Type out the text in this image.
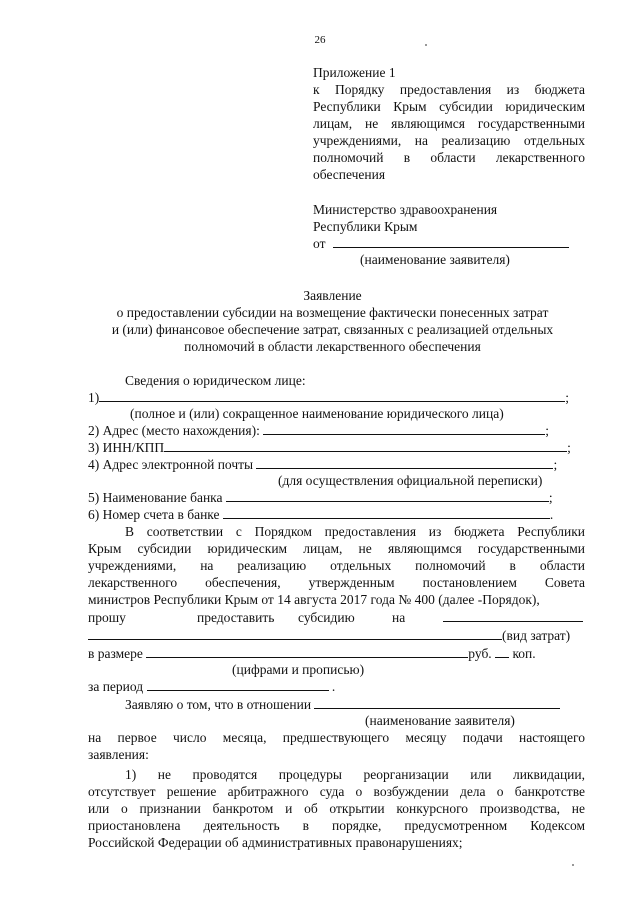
26
Приложение 1
к Порядку предоставления из бюджета
Республики Крым субсидии юридическим
лицам, не являющимся государственными
учреждениями, на реализацию отдельных
полномочий в области лекарственного
обеспечения
Министерство здравоохранения
Республики Крым
от
(наименование заявителя)
Заявление
о предоставлении субсидии на возмещение фактически понесенных затрат
и (или) финансовое обеспечение затрат, связанных с реализацией отдельных
полномочий в области лекарственного обеспечения
Сведения о юридическом лице:
1)	;
(полное и (или) сокращенное наименование юридического лица)
2) Адрес (место нахождения):	;
3) ИНН/КПП	;
4) Адрес электронной почты	;
(для осуществления официальной переписки)
5) Наименование банка	;
6) Номер счета в банке	.
В соответствии с Порядком предоставления из бюджета Республики
Крым субсидии юридическим лицам, не являющимся государственными
учреждениями, на реализацию отдельных полномочий в области
лекарственного обеспечения, утвержденным постановлением Совета
министров Республики Крым от 14 августа 2017 года № 400 (далее -Порядок),
прошу	предоставить субсидию	на
(вид затрат)
в размере	руб. коп.
(цифрами и прописью)
за период	.
Заявляю о том, что в отношении
(наименование заявителя)
на первое число месяца, предшествующего месяцу подачи настоящего
заявления:
1) не проводятся процедуры реорганизации или ликвидации,
отсутствует решение арбитражного суда о возбуждении дела о банкротстве
или о признании банкротом и об открытии конкурсного производства, не
приостановлена деятельность в порядке, предусмотренном Кодексом
Российской Федерации об административных правонарушениях;
